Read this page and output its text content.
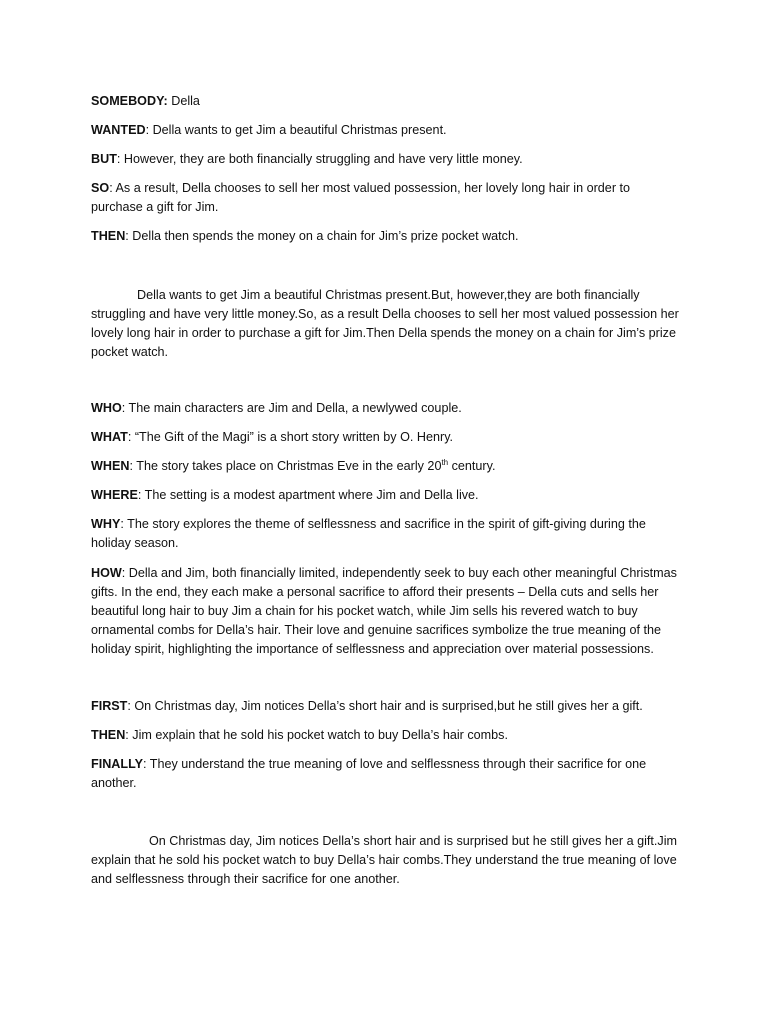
SOMEBODY: Della

WANTED: Della wants to get Jim a beautiful Christmas present.

BUT: However, they are both financially struggling and have very little money.

SO: As a result, Della chooses to sell her most valued possession, her lovely long hair in order to purchase a gift for Jim.

THEN: Della then spends the money on a chain for Jim’s prize pocket watch.

Della wants to get Jim a beautiful Christmas present.But, however,they are both financially struggling and have very little money.So, as a result Della chooses to sell her most valued possession her lovely long hair in order to purchase a gift for Jim.Then Della spends the money on a chain for Jim’s prize pocket watch.

WHO: The main characters are Jim and Della, a newlywed couple.

WHAT: “The Gift of the Magi” is a short story written by O. Henry.

WHEN: The story takes place on Christmas Eve in the early 20th century.

WHERE: The setting is a modest apartment where Jim and Della live.

WHY: The story explores the theme of selflessness and sacrifice in the spirit of gift-giving during the holiday season.

HOW: Della and Jim, both financially limited, independently seek to buy each other meaningful Christmas gifts. In the end, they each make a personal sacrifice to afford their presents – Della cuts and sells her beautiful long hair to buy Jim a chain for his pocket watch, while Jim sells his revered watch to buy ornamental combs for Della’s hair. Their love and genuine sacrifices symbolize the true meaning of the holiday spirit, highlighting the importance of selflessness and appreciation over material possessions.

FIRST: On Christmas day, Jim notices Della’s short hair and is surprised,but he still gives her a gift.

THEN: Jim explain that he sold his pocket watch to buy Della’s hair combs.

FINALLY: They understand the true meaning of love and selflessness through their sacrifice for one another.

On Christmas day, Jim notices Della’s short hair and is surprised but he still gives her a gift.Jim explain that he sold his pocket watch to buy Della’s hair combs.They understand the true meaning of love and selflessness through their sacrifice for one another.
